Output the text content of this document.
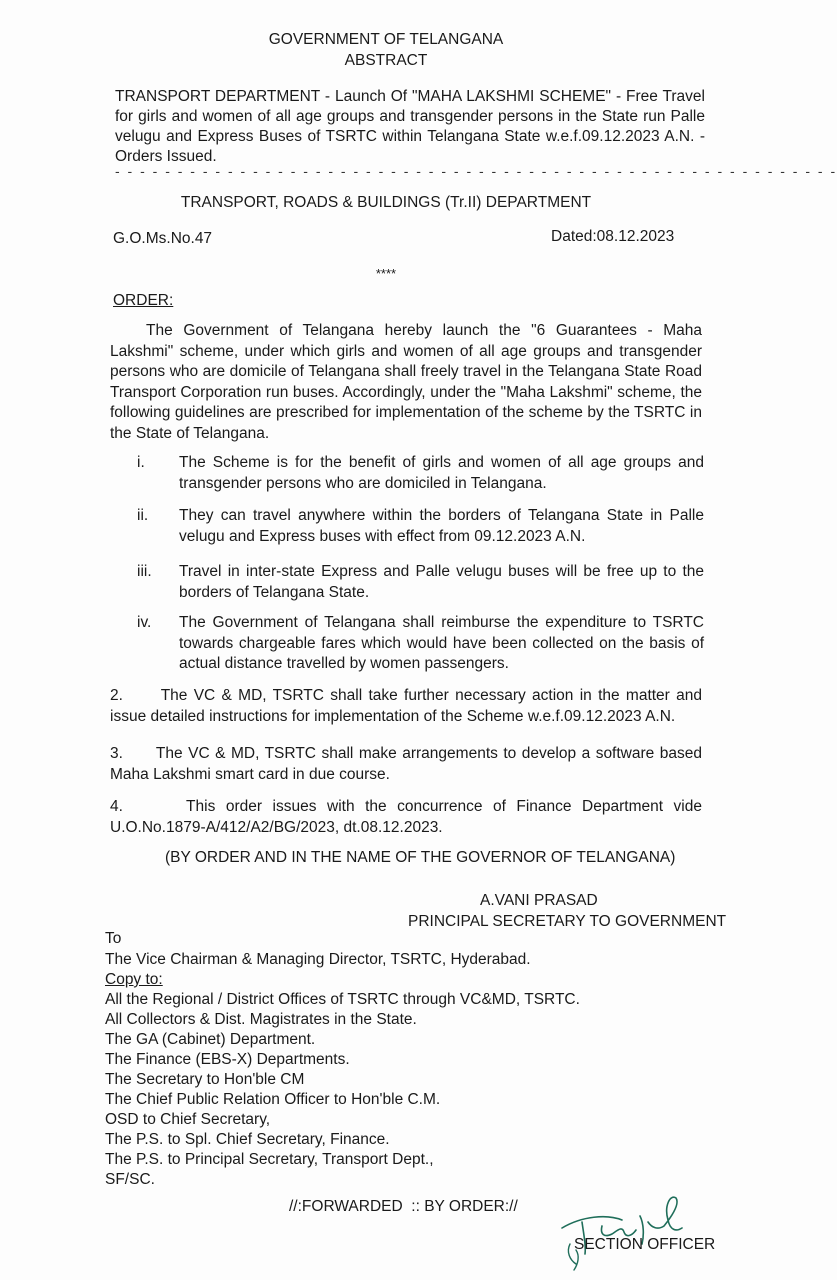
GOVERNMENT OF TELANGANA
ABSTRACT
TRANSPORT DEPARTMENT - Launch Of "MAHA LAKSHMI SCHEME" - Free Travel for girls and women of all age groups and transgender persons in the State run Palle velugu and Express Buses of TSRTC within Telangana State w.e.f.09.12.2023 A.N. - Orders Issued.
- - - - - - - - - - - - - - - - - - - - - - - - - - - - - - - - - - - - - - - - - - - - - - - - - - - - - - - - - -
TRANSPORT, ROADS & BUILDINGS (Tr.II) DEPARTMENT
G.O.Ms.No.47	Dated:08.12.2023
****
ORDER:
The Government of Telangana hereby launch the "6 Guarantees - Maha Lakshmi" scheme, under which girls and women of all age groups and transgender persons who are domicile of Telangana shall freely travel in the Telangana State Road Transport Corporation run buses. Accordingly, under the "Maha Lakshmi" scheme, the following guidelines are prescribed for implementation of the scheme by the TSRTC in the State of Telangana.
i.	The Scheme is for the benefit of girls and women of all age groups and transgender persons who are domiciled in Telangana.
ii.	They can travel anywhere within the borders of Telangana State in Palle velugu and Express buses with effect from 09.12.2023 A.N.
iii.	Travel in inter-state Express and Palle velugu buses will be free up to the borders of Telangana State.
iv.	The Government of Telangana shall reimburse the expenditure to TSRTC towards chargeable fares which would have been collected on the basis of actual distance travelled by women passengers.
2. The VC & MD, TSRTC shall take further necessary action in the matter and issue detailed instructions for implementation of the Scheme w.e.f.09.12.2023 A.N.
3. The VC & MD, TSRTC shall make arrangements to develop a software based Maha Lakshmi smart card in due course.
4.	This order issues with the concurrence of Finance Department vide U.O.No.1879-A/412/A2/BG/2023, dt.08.12.2023.
(BY ORDER AND IN THE NAME OF THE GOVERNOR OF TELANGANA)
A.VANI PRASAD
PRINCIPAL SECRETARY TO GOVERNMENT
To
The Vice Chairman & Managing Director, TSRTC, Hyderabad.
Copy to:
All the Regional / District Offices of TSRTC through VC&MD, TSRTC.
All Collectors & Dist. Magistrates in the State.
The GA (Cabinet) Department.
The Finance (EBS-X) Departments.
The Secretary to Hon'ble CM
The Chief Public Relation Officer to Hon'ble C.M.
OSD to Chief Secretary,
The P.S. to Spl. Chief Secretary, Finance.
The P.S. to Principal Secretary, Transport Dept.,
SF/SC.
//:FORWARDED  :: BY ORDER://
SECTION OFFICER
